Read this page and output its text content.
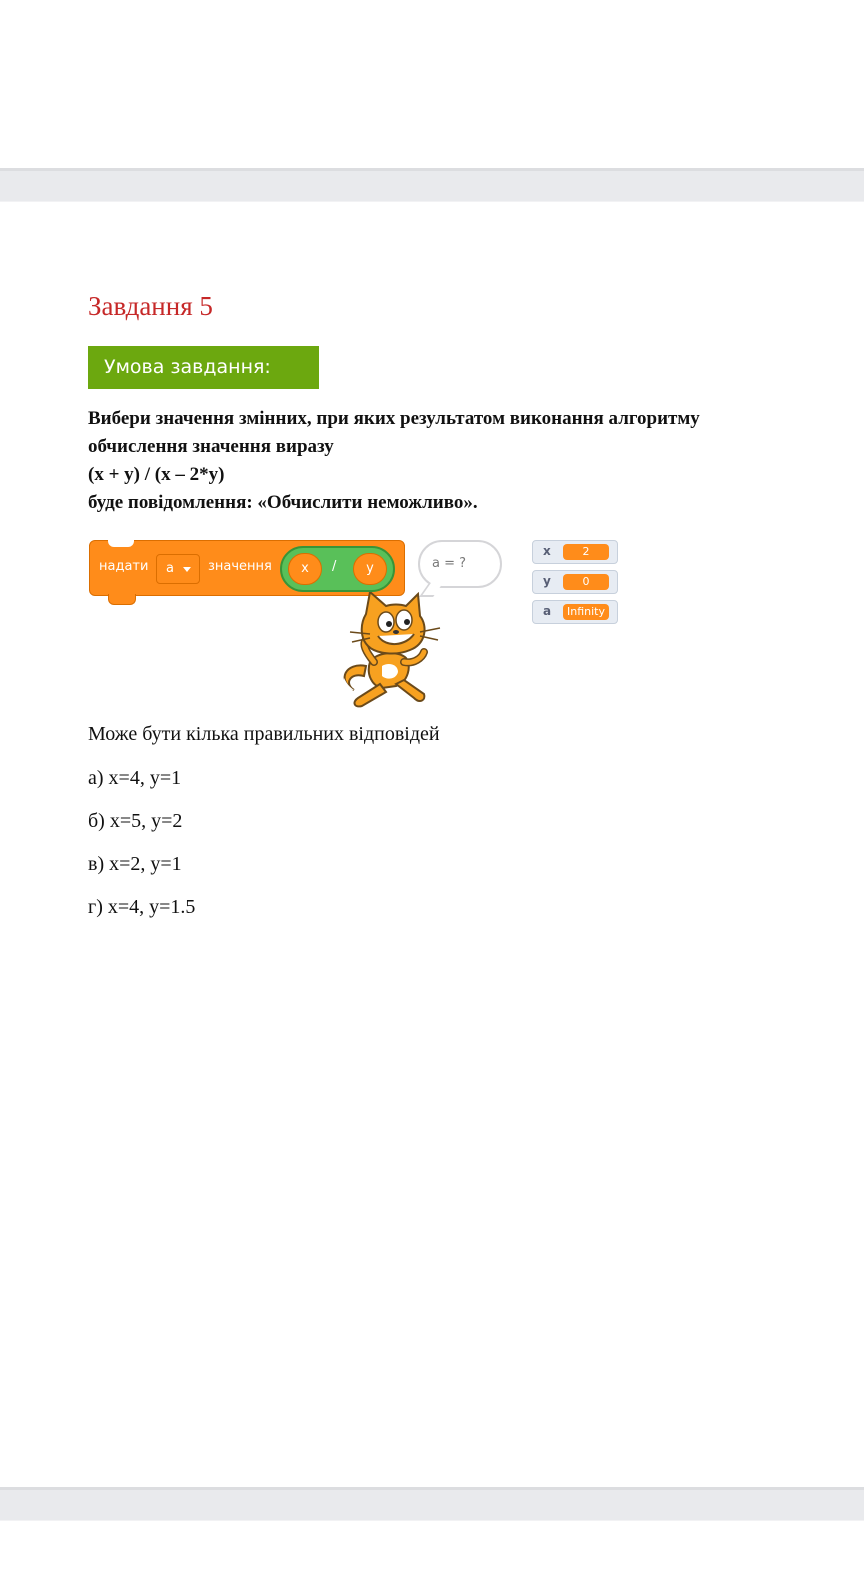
Завдання 5
Умова завдання:
Вибери значення змінних, при яких результатом виконання алгоритму
обчислення значення виразу
(x + y) / (x – 2*y)
буде повідомлення: «Обчислити неможливо».
надати	a	значення	x	/	y	a = ?
x	2
y	0
a	Infinity
Може бути кілька правильних відповідей
а) x=4, y=1
б) x=5, y=2
в) x=2, y=1
г) x=4, y=1.5
